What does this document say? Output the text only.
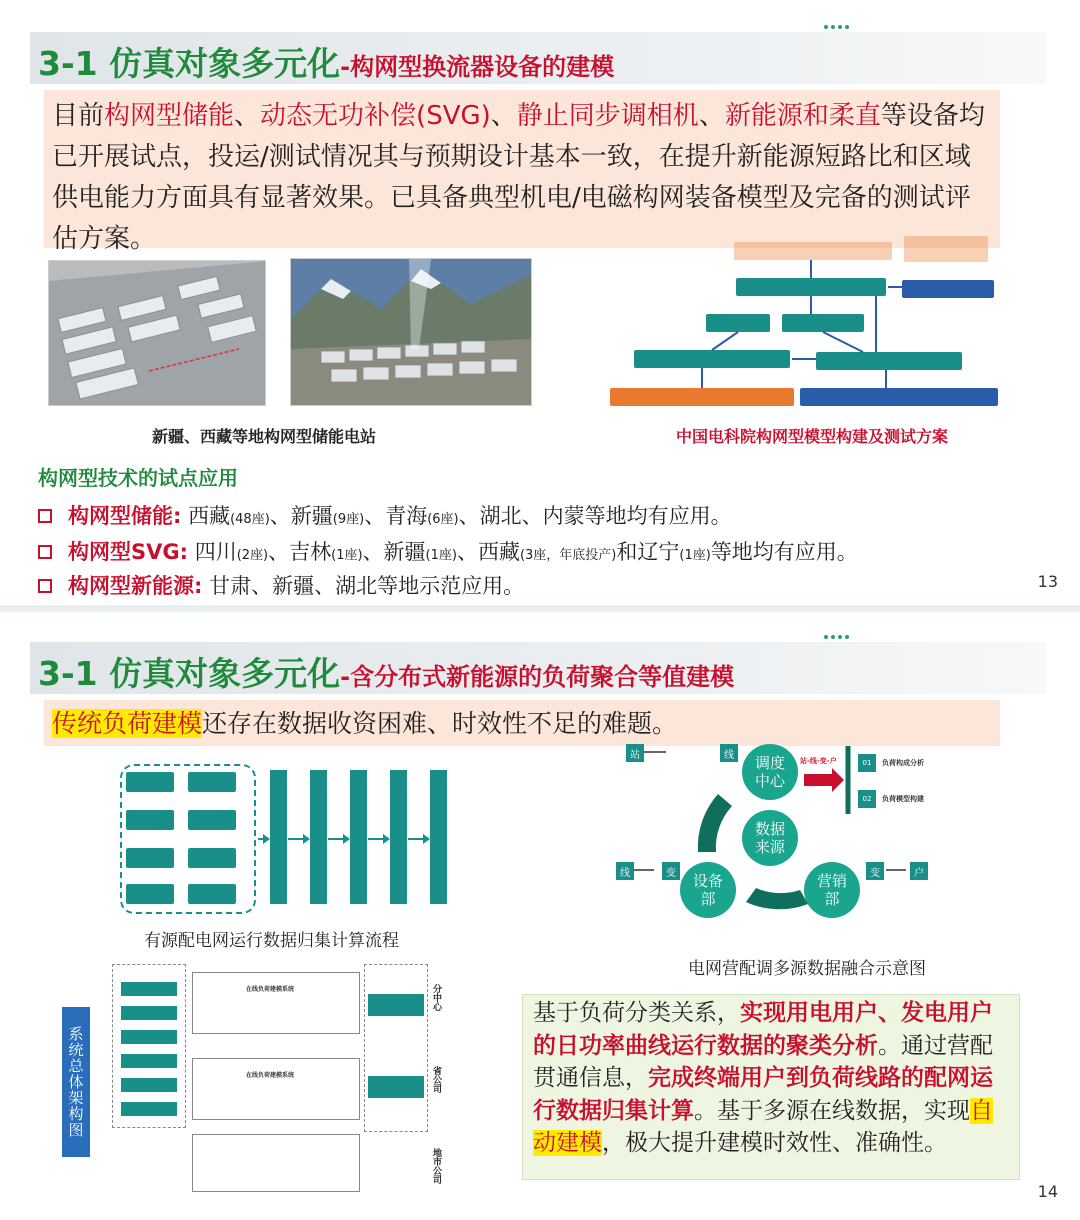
3-1 仿真对象多元化 -构网型换流器设备的建模
目前构网型储能、动态无功补偿(SVG)、静止同步调相机、新能源和柔直等设备均已开展试点，投运/测试情况其与预期设计基本一致，在提升新能源短路比和区域供电能力方面具有显著效果。已具备典型机电/电磁构网装备模型及完备的测试评估方案。
新疆、西藏等地构网型储能电站	中国电科院构网型模型构建及测试方案
构网型技术的试点应用
构网型储能: 西藏(48座)、新疆(9座)、青海(6座)、湖北、内蒙等地均有应用。
构网型SVG: 四川(2座)、吉林(1座)、新疆(1座)、西藏(3座，年底投产)和辽宁(1座)等地均有应用。
构网型新能源: 甘肃、新疆、湖北等地示范应用。	13
3-1 仿真对象多元化 -含分布式新能源的负荷聚合等值建模
传统负荷建模还存在数据收资困难、时效性不足的难题。
有源配电网运行数据归集计算流程
调度中心
数据来源
设备部
营销部
站	线
线	变	变	户
站-线-变-户	01	负荷构成分析
02	负荷模型构建
电网营配调多源数据融合示意图
系统总体架构图
在线负荷建模系统
在线负荷建模系统
分中心
省公司
地市公司
基于负荷分类关系，实现用电用户、发电用户的日功率曲线运行数据的聚类分析。通过营配贯通信息，完成终端用户到负荷线路的配网运行数据归集计算。基于多源在线数据，实现自动建模，极大提升建模时效性、准确性。
14
